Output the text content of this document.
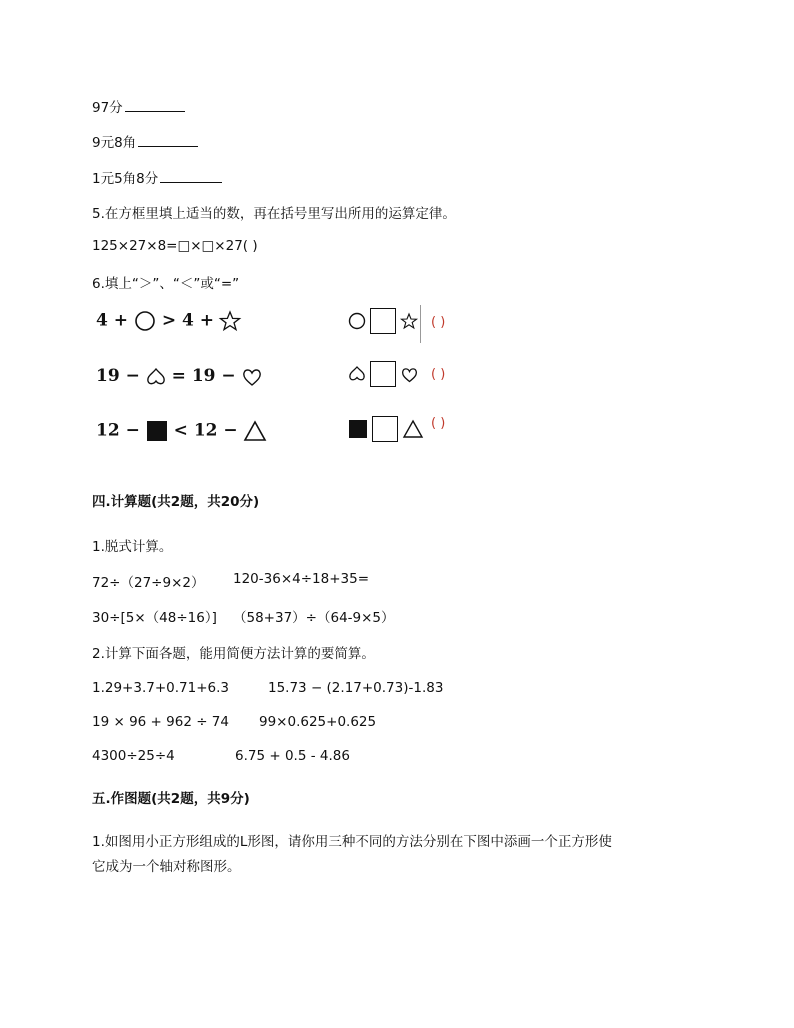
97分
9元8角
1元5角8分
5.在方框里填上适当的数，再在括号里写出所用的运算定律。
125×27×8=□×□×27( )
6.填上“＞”、“＜”或“=”
4 + > 4 +
	( )
19 − = 19 −
	( )
12 − < 12 −
	( )
四.计算题(共2题，共20分)
1.脱式计算。
72÷（27÷9×2） 120-36×4÷18+35=
30÷[5×（48÷16）] （58+37）÷（64-9×5）
2.计算下面各题，能用简便方法计算的要简算。
1.29+3.7+0.71+6.3	15.73 − (2.17+0.73)-1.83
19 × 96 + 962 ÷ 74 99×0.625+0.625
4300÷25÷4	6.75 + 0.5 - 4.86
五.作图题(共2题，共9分)
1.如图用小正方形组成的L形图，请你用三种不同的方法分别在下图中添画一个正方形使
它成为一个轴对称图形。
